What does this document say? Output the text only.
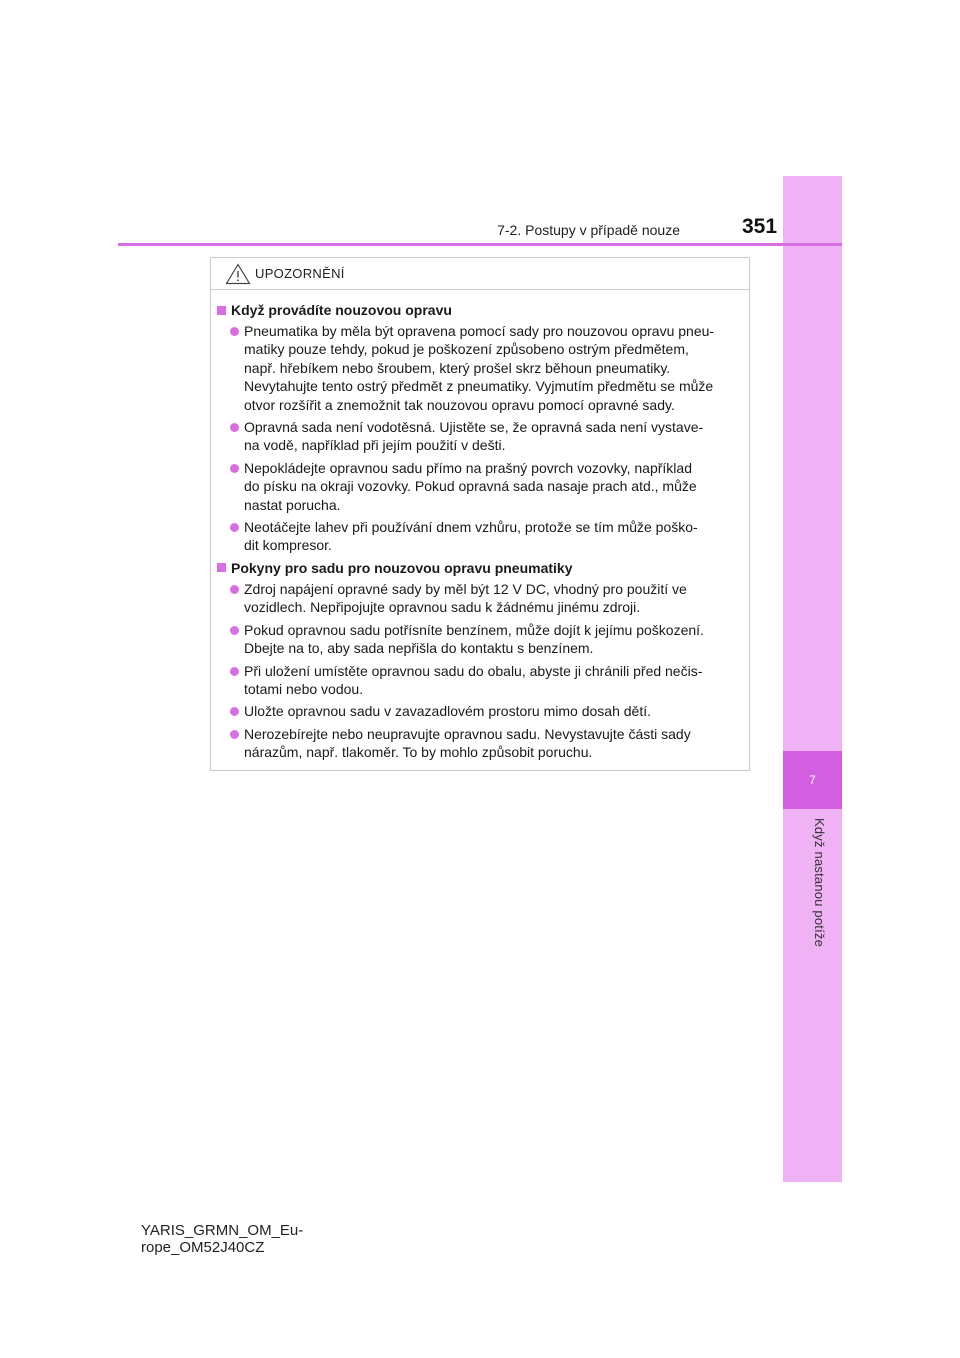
7
Když nastanou potíže
7-2. Postupy v případě nouze	351
UPOZORNĚNÍ
Když provádíte nouzovou opravu
Pneumatika by měla být opravena pomocí sady pro nouzovou opravu pneu-
matiky pouze tehdy, pokud je poškození způsobeno ostrým předmětem,
např. hřebíkem nebo šroubem, který prošel skrz běhoun pneumatiky.
Nevytahujte tento ostrý předmět z pneumatiky. Vyjmutím předmětu se může
otvor rozšířit a znemožnit tak nouzovou opravu pomocí opravné sady.
Opravná sada není vodotěsná. Ujistěte se, že opravná sada není vystave-
na vodě, například při jejím použití v dešti.
Nepokládejte opravnou sadu přímo na prašný povrch vozovky, například
do písku na okraji vozovky. Pokud opravná sada nasaje prach atd., může
nastat porucha.
Neotáčejte lahev při používání dnem vzhůru, protože se tím může poško-
dit kompresor.
Pokyny pro sadu pro nouzovou opravu pneumatiky
Zdroj napájení opravné sady by měl být 12 V DC, vhodný pro použití ve
vozidlech. Nepřipojujte opravnou sadu k žádnému jinému zdroji.
Pokud opravnou sadu potřísníte benzínem, může dojít k jejímu poškození.
Dbejte na to, aby sada nepřišla do kontaktu s benzínem.
Při uložení umístěte opravnou sadu do obalu, abyste ji chránili před nečis-
totami nebo vodou.
Uložte opravnou sadu v zavazadlovém prostoru mimo dosah dětí.
Nerozebírejte nebo neupravujte opravnou sadu. Nevystavujte části sady
nárazům, např. tlakoměr. To by mohlo způsobit poruchu.
YARIS_GRMN_OM_Eu-
rope_OM52J40CZ
